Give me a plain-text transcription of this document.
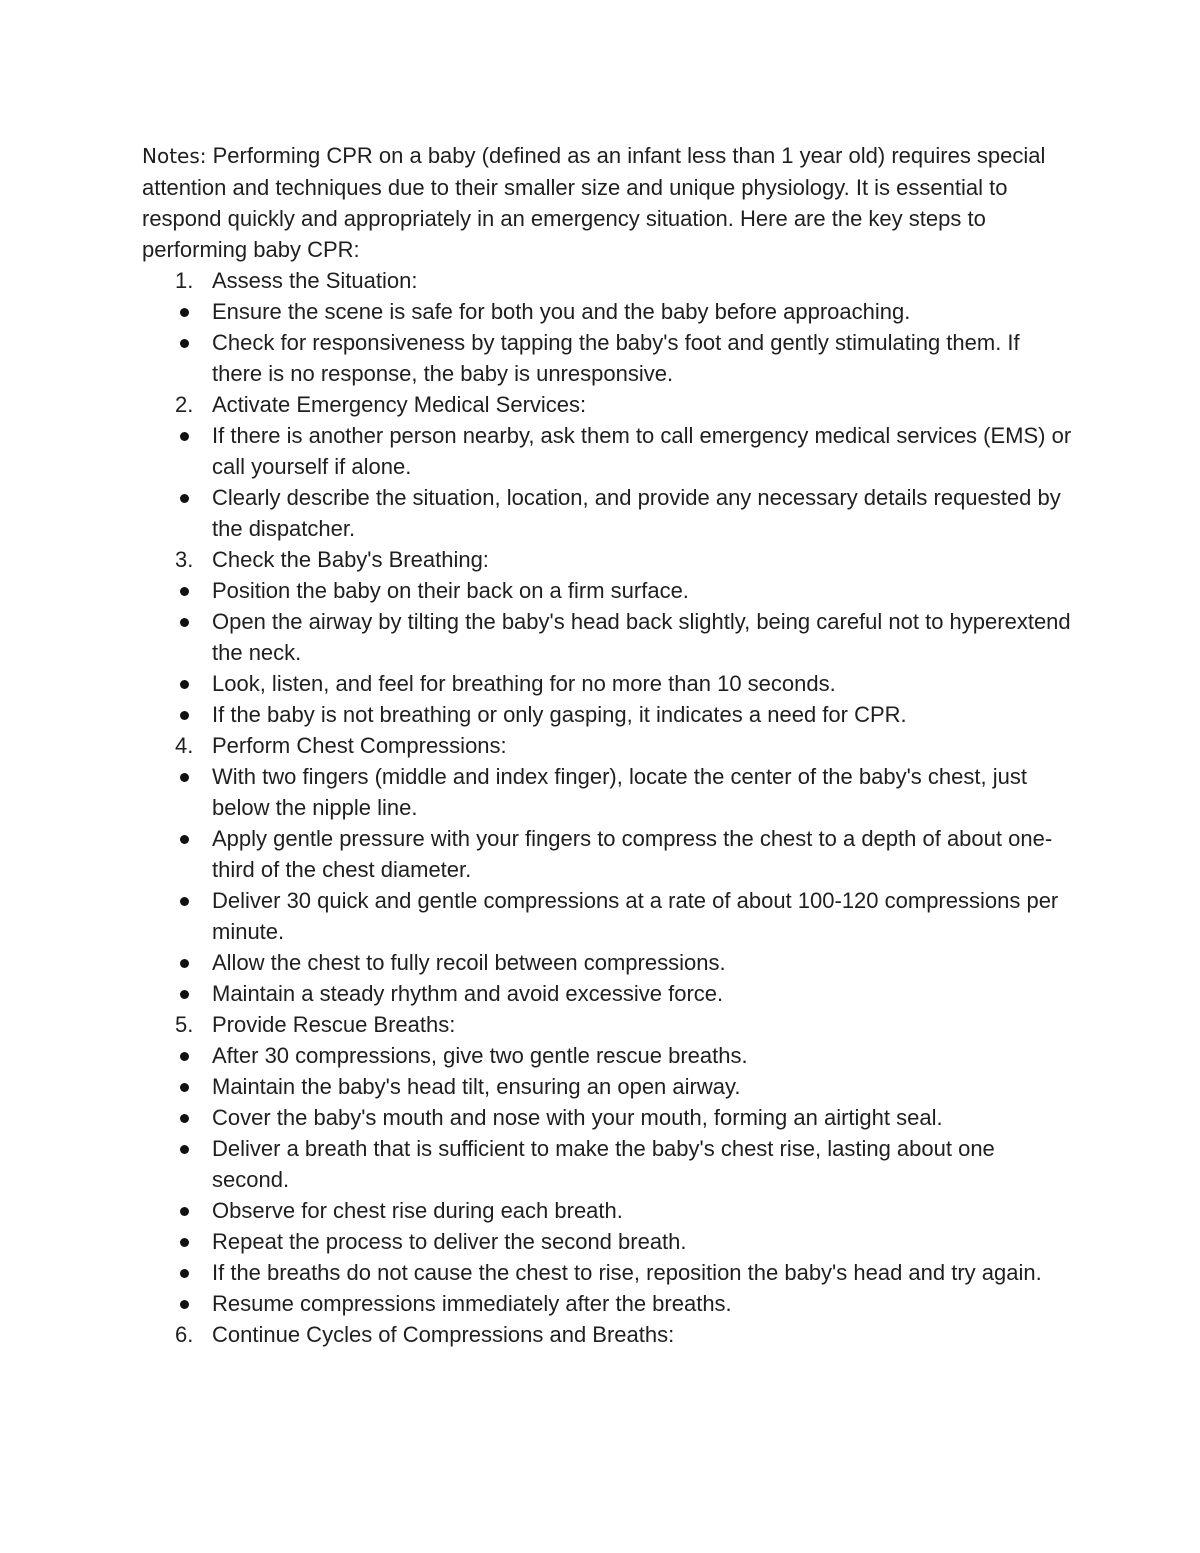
Notes: Performing CPR on a baby (defined as an infant less than 1 year old) requires special attention and techniques due to their smaller size and unique physiology. It is essential to respond quickly and appropriately in an emergency situation. Here are the key steps to performing baby CPR:

1. Assess the Situation:
Ensure the scene is safe for both you and the baby before approaching.
Check for responsiveness by tapping the baby's foot and gently stimulating them. If there is no response, the baby is unresponsive.
2. Activate Emergency Medical Services:
If there is another person nearby, ask them to call emergency medical services (EMS) or call yourself if alone.
Clearly describe the situation, location, and provide any necessary details requested by the dispatcher.
3. Check the Baby's Breathing:
Position the baby on their back on a firm surface.
Open the airway by tilting the baby's head back slightly, being careful not to hyperextend the neck.
Look, listen, and feel for breathing for no more than 10 seconds.
If the baby is not breathing or only gasping, it indicates a need for CPR.
4. Perform Chest Compressions:
With two fingers (middle and index finger), locate the center of the baby's chest, just below the nipple line.
Apply gentle pressure with your fingers to compress the chest to a depth of about one-third of the chest diameter.
Deliver 30 quick and gentle compressions at a rate of about 100-120 compressions per minute.
Allow the chest to fully recoil between compressions.
Maintain a steady rhythm and avoid excessive force.
5. Provide Rescue Breaths:
After 30 compressions, give two gentle rescue breaths.
Maintain the baby's head tilt, ensuring an open airway.
Cover the baby's mouth and nose with your mouth, forming an airtight seal.
Deliver a breath that is sufficient to make the baby's chest rise, lasting about one second.
Observe for chest rise during each breath.
Repeat the process to deliver the second breath.
If the breaths do not cause the chest to rise, reposition the baby's head and try again.
Resume compressions immediately after the breaths.
6. Continue Cycles of Compressions and Breaths:
